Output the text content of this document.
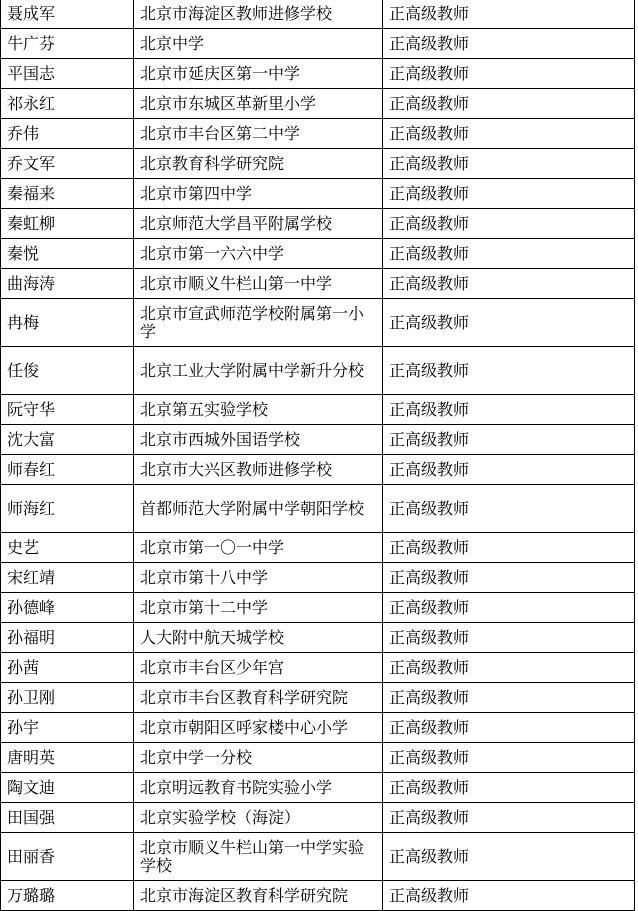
聂成军	北京市海淀区教师进修学校	正高级教师
牛广芬	北京中学	正高级教师
平国志	北京市延庆区第一中学	正高级教师
祁永红	北京市东城区革新里小学	正高级教师
乔伟	北京市丰台区第二中学	正高级教师
乔文军	北京教育科学研究院	正高级教师
秦福来	北京市第四中学	正高级教师
秦虹柳	北京师范大学昌平附属学校	正高级教师
秦悦	北京市第一六六中学	正高级教师
曲海涛	北京市顺义牛栏山第一中学	正高级教师
冉梅	北京市宣武师范学校附属第一小学	正高级教师
任俊	北京工业大学附属中学新升分校	正高级教师
阮守华	北京第五实验学校	正高级教师
沈大富	北京市西城外国语学校	正高级教师
师春红	北京市大兴区教师进修学校	正高级教师
师海红	首都师范大学附属中学朝阳学校	正高级教师
史艺	北京市第一〇一中学	正高级教师
宋红靖	北京市第十八中学	正高级教师
孙德峰	北京市第十二中学	正高级教师
孙福明	人大附中航天城学校	正高级教师
孙茜	北京市丰台区少年宫	正高级教师
孙卫刚	北京市丰台区教育科学研究院	正高级教师
孙宇	北京市朝阳区呼家楼中心小学	正高级教师
唐明英	北京中学一分校	正高级教师
陶文迪	北京明远教育书院实验小学	正高级教师
田国强	北京实验学校（海淀）	正高级教师
田丽香	北京市顺义牛栏山第一中学实验学校	正高级教师
万璐璐	北京市海淀区教育科学研究院	正高级教师
